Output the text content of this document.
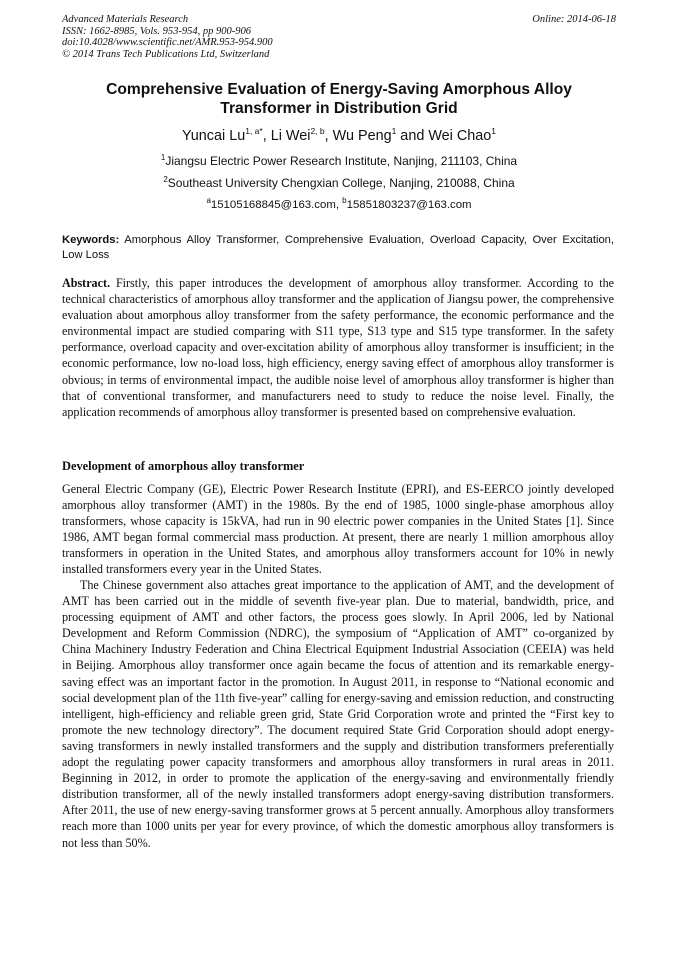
Advanced Materials Research
ISSN: 1662-8985, Vols. 953-954, pp 900-906
doi:10.4028/www.scientific.net/AMR.953-954.900
© 2014 Trans Tech Publications Ltd, Switzerland
Online: 2014-06-18
Comprehensive Evaluation of Energy-Saving Amorphous Alloy Transformer in Distribution Grid
Yuncai $Lu^{1, a*}$, Li Wei$^{2, b}$, Wu Peng$^1$ and Wei Chao$^1$
$^1$Jiangsu Electric Power Research Institute, Nanjing, 211103, China
$^2$Southeast University Chengxian College, Nanjing, 210088, China
$^a$15105168845@163.com, $^b$15851803237@163.com
Keywords: Amorphous Alloy Transformer, Comprehensive Evaluation, Overload Capacity, Over Excitation, Low Loss
Abstract. Firstly, this paper introduces the development of amorphous alloy transformer. According to the technical characteristics of amorphous alloy transformer and the application of Jiangsu power, the comprehensive evaluation about amorphous alloy transformer from the safety performance, the economic performance and the environmental impact are studied comparing with S11 type, S13 type and S15 type transformer. In the safety performance, overload capacity and over-excitation ability of amorphous alloy transformer is insufficient; in the economic performance, low no-load loss, high efficiency, energy saving effect of amorphous alloy transformer is obvious; in terms of environmental impact, the audible noise level of amorphous alloy transformer is higher than that of conventional transformer, and manufacturers need to study to reduce the noise level. Finally, the application recommends of amorphous alloy transformer is presented based on comprehensive evaluation.
Development of amorphous alloy transformer
General Electric Company (GE), Electric Power Research Institute (EPRI), and ES-EERCO jointly developed amorphous alloy transformer (AMT) in the 1980s. By the end of 1985, 1000 single-phase amorphous alloy transformers, whose capacity is 15kVA, had run in 90 electric power companies in the United States [1]. Since 1986, AMT began formal commercial mass production. At present, there are nearly 1 million amorphous alloy transformers in operation in the United States, and amorphous alloy transformers account for 10% in newly installed transformers every year in the United States.
The Chinese government also attaches great importance to the application of AMT, and the development of AMT has been carried out in the middle of seventh five-year plan. Due to material, bandwidth, price, and processing equipment of AMT and other factors, the process goes slowly. In April 2006, led by National Development and Reform Commission (NDRC), the symposium of “Application of AMT” co-organized by China Machinery Industry Federation and China Electrical Equipment Industrial Association (CEEIA) was held in Beijing. Amorphous alloy transformer once again became the focus of attention and its remarkable energy-saving effect was an important factor in the promotion. In August 2011, in response to “National economic and social development plan of the 11th five-year” calling for energy-saving and emission reduction, and constructing intelligent, high-efficiency and reliable green grid, State Grid Corporation wrote and printed the “First key to promote the new technology directory”. The document required State Grid Corporation should adopt energy-saving transformers in newly installed transformers and the supply and distribution transformers preferentially adopt the regulating power capacity transformers and amorphous alloy transformers in rural areas in 2011. Beginning in 2012, in order to promote the application of the energy-saving and environmentally friendly distribution transformer, all of the newly installed transformers adopt energy-saving distribution transformers. After 2011, the use of new energy-saving transformer grows at 5 percent annually. Amorphous alloy transformers reach more than 1000 units per year for every province, of which the domestic amorphous alloy transformers is not less than 50%.
